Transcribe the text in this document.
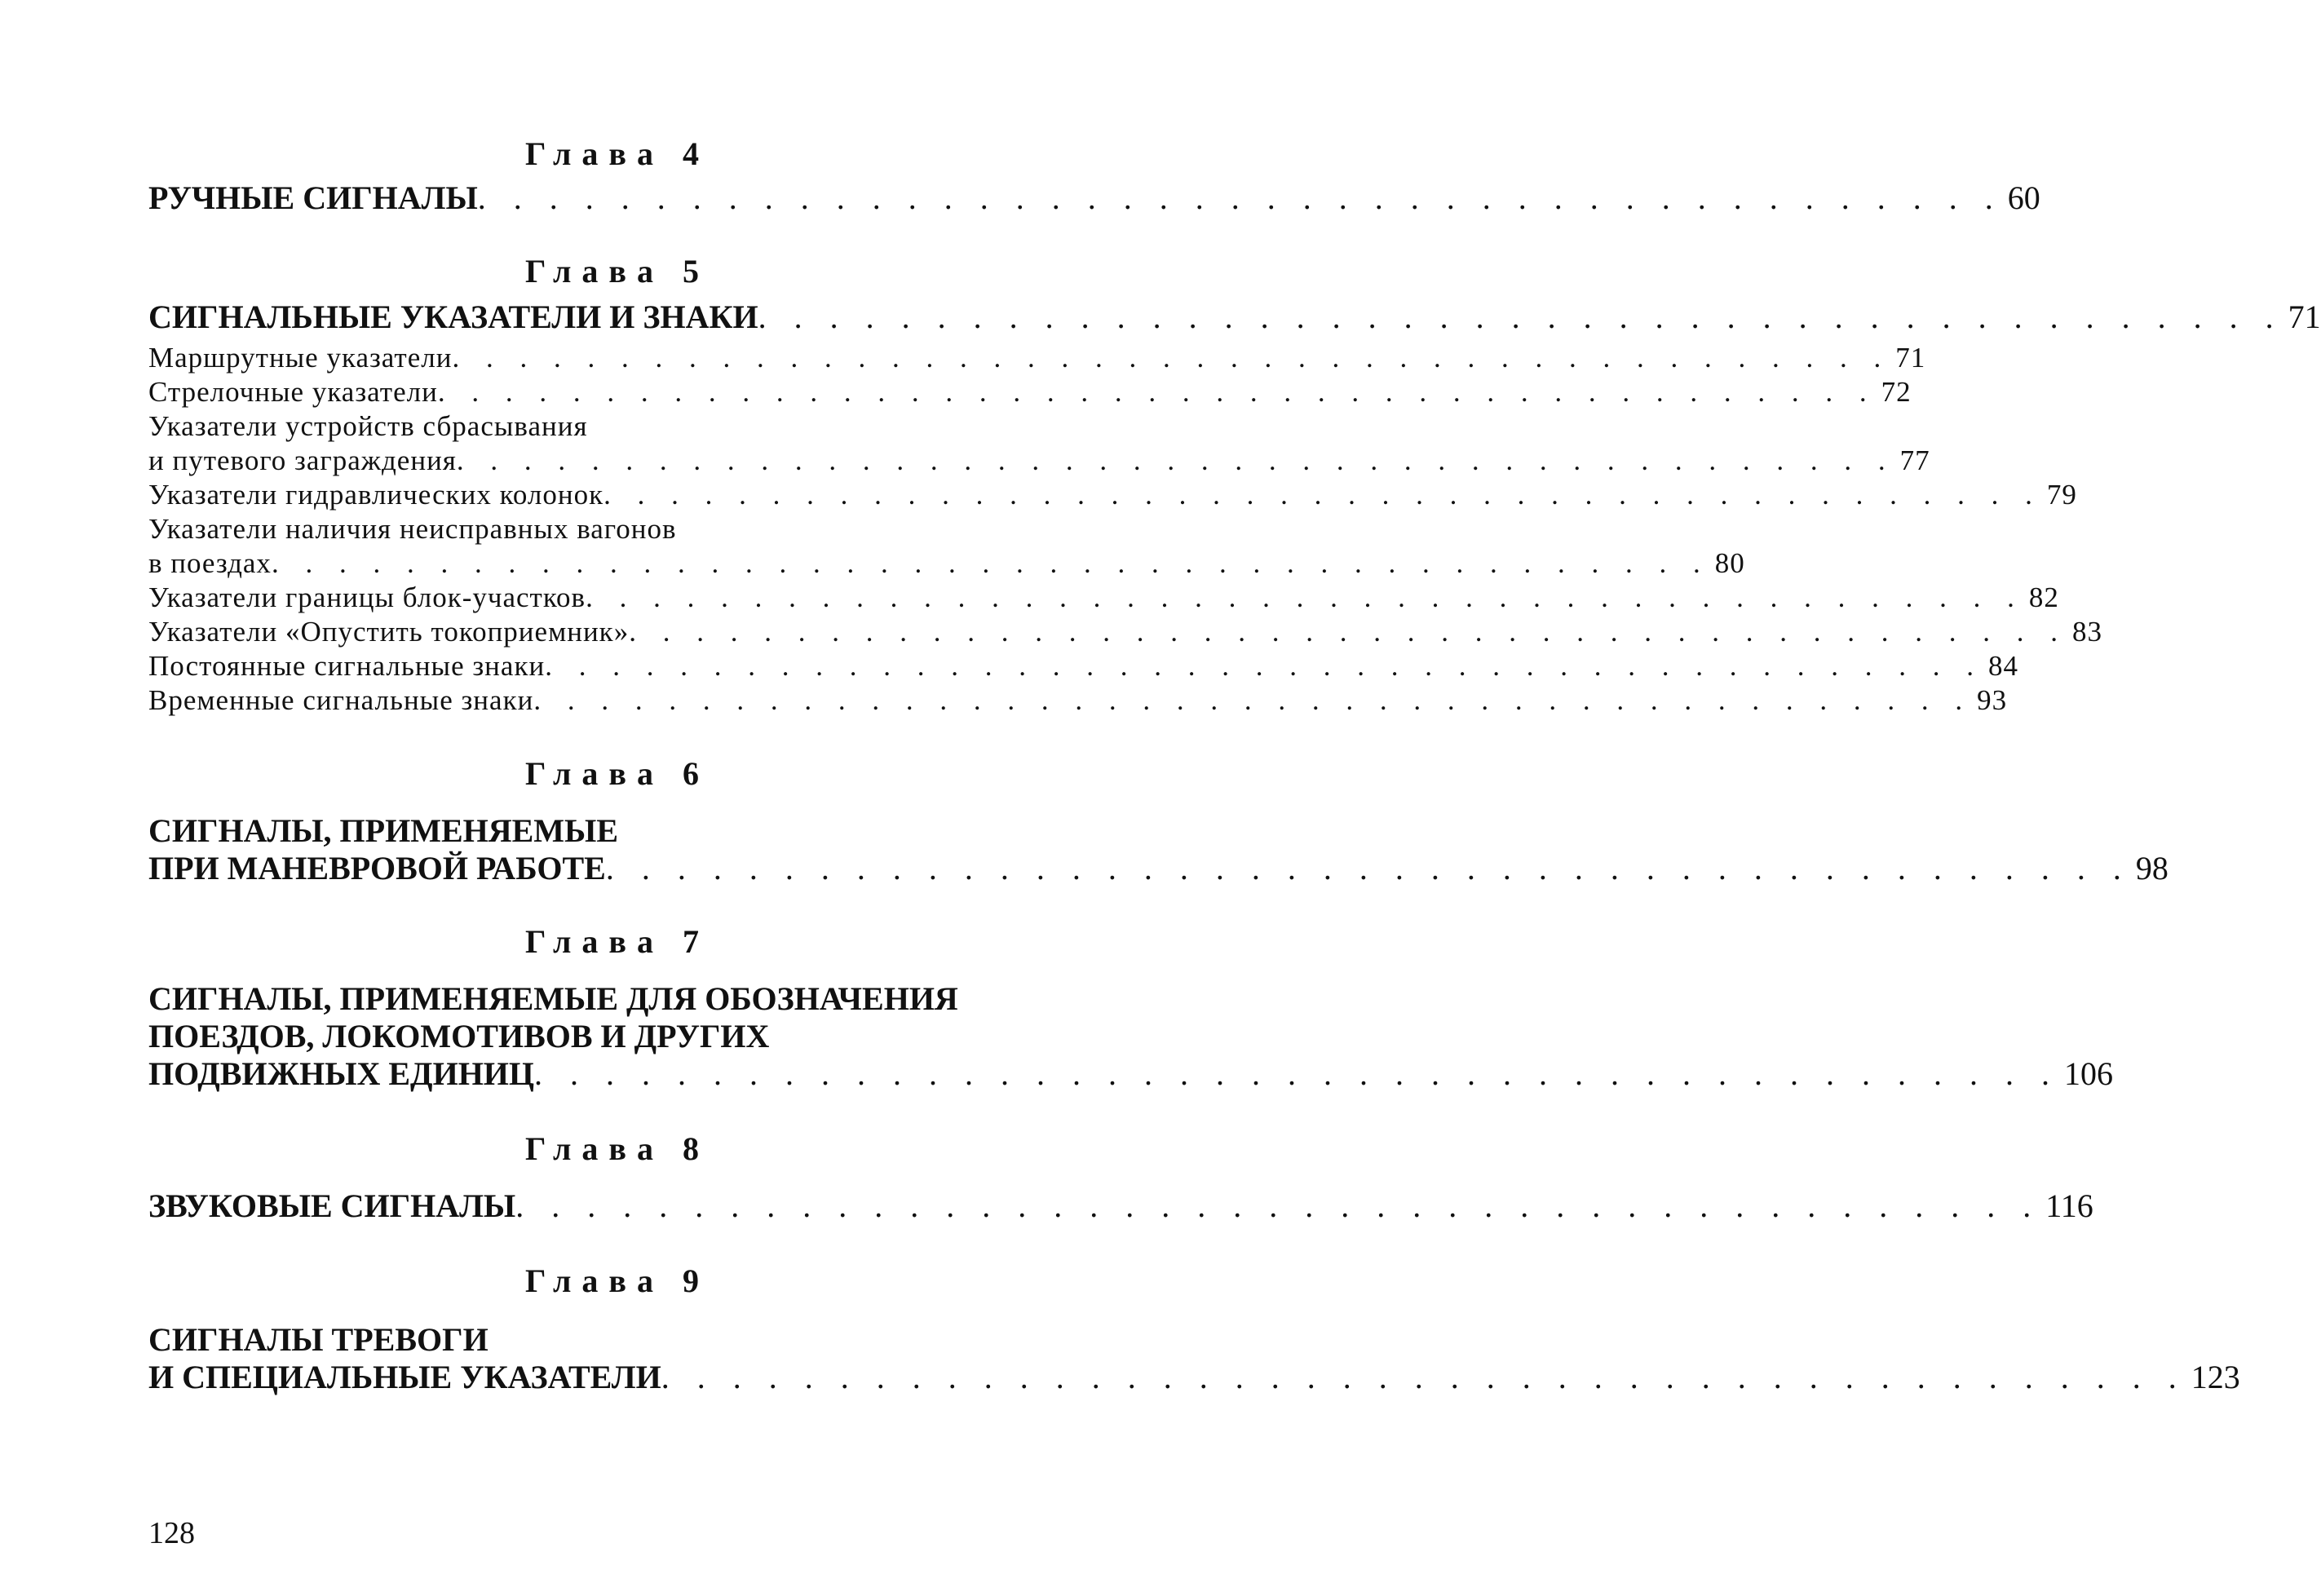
Глава 4
РУЧНЫЕ СИГНАЛЫ . . . . . . . . . . . . . . . . . . . . . . . . . . . . . . . . . . . . . . . . . . . 60
Глава 5
СИГНАЛЬНЫЕ УКАЗАТЕЛИ И ЗНАКИ . . . . . . . . . . . . . . . . . . . . . . . . . . . . . . . . . . . . . . . . . . . 71
Маршрутные указатели . . . . . . . . . . . . . . . . . . . . . . . . . . . . . . . . . . . . . . . . . . . 71
Стрелочные указатели . . . . . . . . . . . . . . . . . . . . . . . . . . . . . . . . . . . . . . . . . . . 72
Указатели устройств сбрасывания
и путевого заграждения . . . . . . . . . . . . . . . . . . . . . . . . . . . . . . . . . . . . . . . . . . . 77
Указатели гидравлических колонок . . . . . . . . . . . . . . . . . . . . . . . . . . . . . . . . . . . . . . . . . . . 79
Указатели наличия неисправных вагонов
в поездах . . . . . . . . . . . . . . . . . . . . . . . . . . . . . . . . . . . . . . . . . . . 80
Указатели границы блок-участков . . . . . . . . . . . . . . . . . . . . . . . . . . . . . . . . . . . . . . . . . . . 82
Указатели «Опустить токоприемник» . . . . . . . . . . . . . . . . . . . . . . . . . . . . . . . . . . . . . . . . . . . 83
Постоянные сигнальные знаки . . . . . . . . . . . . . . . . . . . . . . . . . . . . . . . . . . . . . . . . . . . 84
Временные сигнальные знаки . . . . . . . . . . . . . . . . . . . . . . . . . . . . . . . . . . . . . . . . . . . 93
Глава 6
СИГНАЛЫ, ПРИМЕНЯЕМЫЕ
ПРИ МАНЕВРОВОЙ РАБОТЕ . . . . . . . . . . . . . . . . . . . . . . . . . . . . . . . . . . . . . . . . . . . 98
Глава 7
СИГНАЛЫ, ПРИМЕНЯЕМЫЕ ДЛЯ ОБОЗНАЧЕНИЯ
ПОЕЗДОВ, ЛОКОМОТИВОВ И ДРУГИХ
ПОДВИЖНЫХ ЕДИНИЦ . . . . . . . . . . . . . . . . . . . . . . . . . . . . . . . . . . . . . . . . . . . 106
Глава 8
ЗВУКОВЫЕ СИГНАЛЫ . . . . . . . . . . . . . . . . . . . . . . . . . . . . . . . . . . . . . . . . . . . 116
Глава 9
СИГНАЛЫ ТРЕВОГИ
И СПЕЦИАЛЬНЫЕ УКАЗАТЕЛИ . . . . . . . . . . . . . . . . . . . . . . . . . . . . . . . . . . . . . . . . . . . 123
128
